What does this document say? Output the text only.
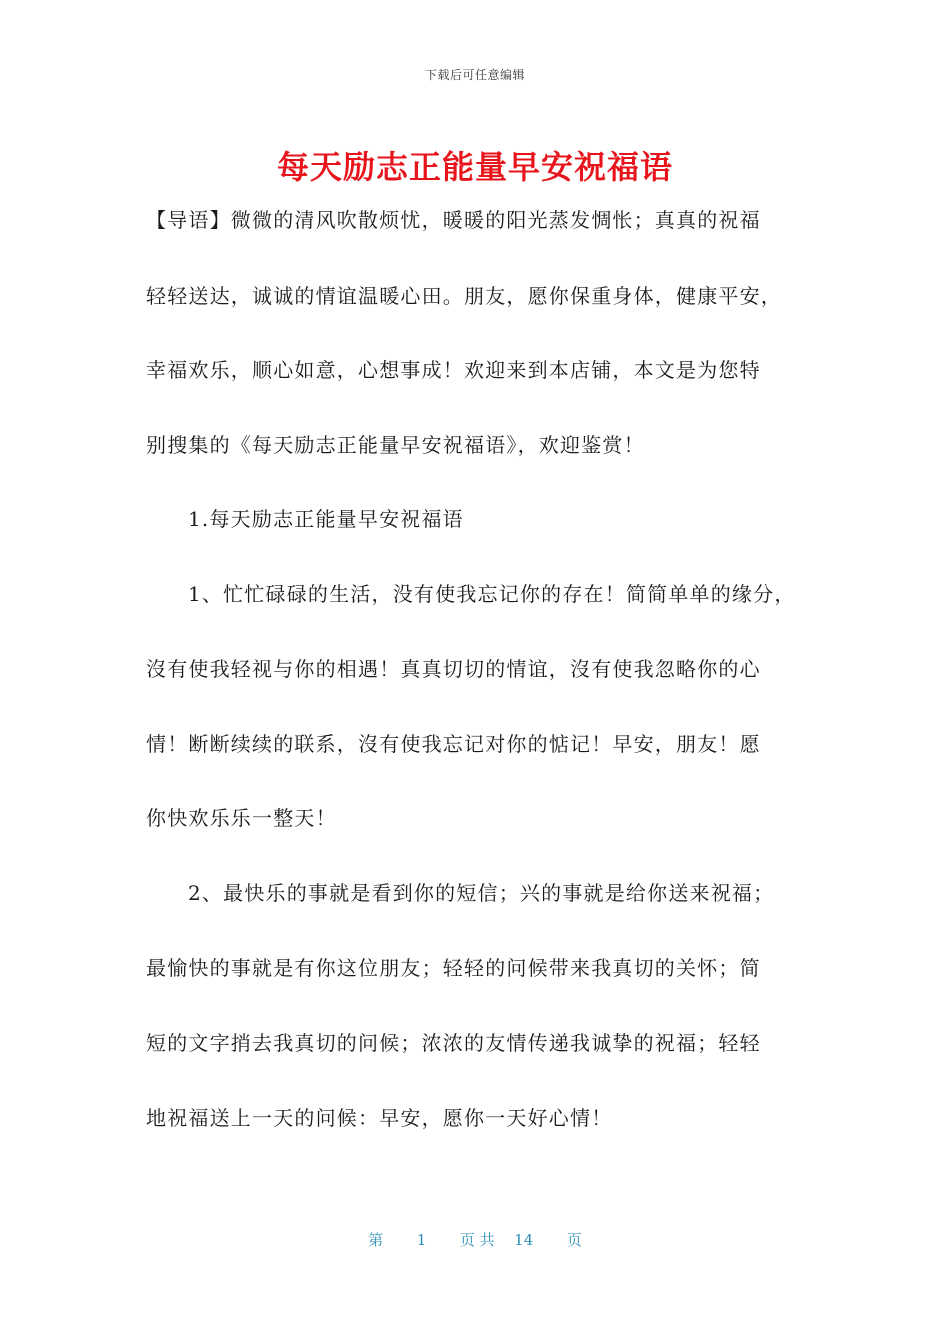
下载后可任意编辑
每天励志正能量早安祝福语
【导语】微微的清风吹散烦忧，暖暖的阳光蒸发惆怅；真真的祝福
轻轻送达，诚诚的情谊温暖心田。朋友，愿你保重身体，健康平安，
幸福欢乐，顺心如意，心想事成！欢迎来到本店铺，本文是为您特
别搜集的《每天励志正能量早安祝福语》，欢迎鉴赏！
1.每天励志正能量早安祝福语
1、忙忙碌碌的生活，没有使我忘记你的存在！简简单单的缘分，
沒有使我轻视与你的相遇！真真切切的情谊，沒有使我忽略你的心
情！断断续续的联系，沒有使我忘记对你的惦记！早安，朋友！愿
你快欢乐乐一整天！
2、最快乐的事就是看到你的短信；兴的事就是给你送来祝福；
最愉快的事就是有你这位朋友；轻轻的问候带来我真切的关怀；简
短的文字捎去我真切的问候；浓浓的友情传递我诚挚的祝福；轻轻
地祝福送上一天的问候：早安，愿你一天好心情！
第 1 页 共 14 页
